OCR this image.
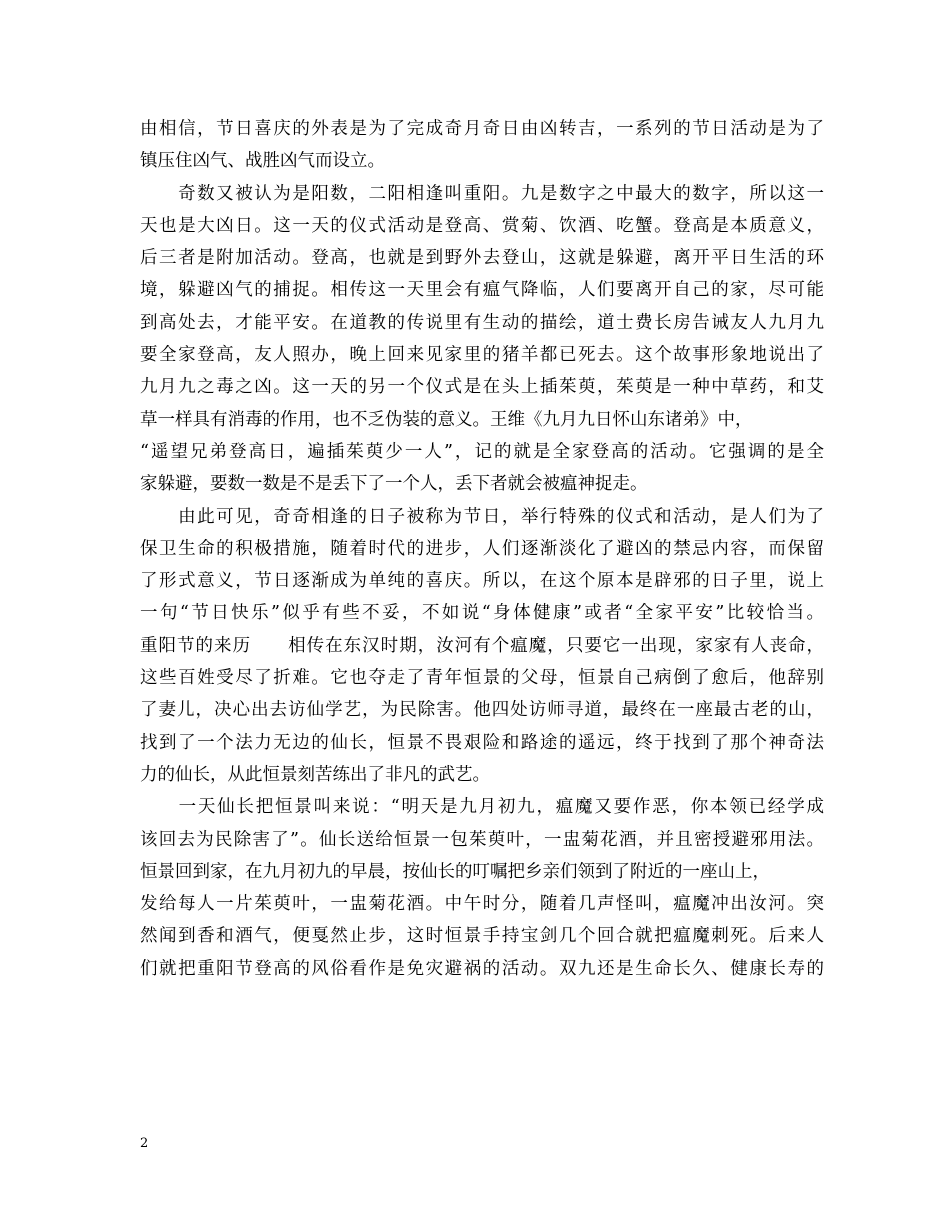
由相信，节日喜庆的外表是为了完成奇月奇日由凶转吉，一系列的节日活动是为了
镇压住凶气、战胜凶气而设立。
　　奇数又被认为是阳数，二阳相逢叫重阳。九是数字之中最大的数字，所以这一
天也是大凶日。这一天的仪式活动是登高、赏菊、饮酒、吃蟹。登高是本质意义，
后三者是附加活动。登高，也就是到野外去登山，这就是躲避，离开平日生活的环
境，躲避凶气的捕捉。相传这一天里会有瘟气降临，人们要离开自己的家，尽可能
到高处去，才能平安。在道教的传说里有生动的描绘，道士费长房告诫友人九月九
要全家登高，友人照办，晚上回来见家里的猪羊都已死去。这个故事形象地说出了
九月九之毒之凶。这一天的另一个仪式是在头上插茱萸，茱萸是一种中草药，和艾
草一样具有消毒的作用，也不乏伪装的意义。王维《九月九日怀山东诸弟》中，
“遥望兄弟登高日，遍插茱萸少一人”，记的就是全家登高的活动。它强调的是全
家躲避，要数一数是不是丢下了一个人，丢下者就会被瘟神捉走。
　　由此可见，奇奇相逢的日子被称为节日，举行特殊的仪式和活动，是人们为了
保卫生命的积极措施，随着时代的进步，人们逐渐淡化了避凶的禁忌内容，而保留
了形式意义，节日逐渐成为单纯的喜庆。所以，在这个原本是辟邪的日子里，说上
一句“节日快乐”似乎有些不妥，不如说“身体健康”或者“全家平安”比较恰当。
重阳节的来历　　相传在东汉时期，汝河有个瘟魔，只要它一出现，家家有人丧命，
这些百姓受尽了折难。它也夺走了青年恒景的父母，恒景自己病倒了愈后，他辞别
了妻儿，决心出去访仙学艺，为民除害。他四处访师寻道，最终在一座最古老的山，
找到了一个法力无边的仙长，恒景不畏艰险和路途的遥远，终于找到了那个神奇法
力的仙长，从此恒景刻苦练出了非凡的武艺。
　　一天仙长把恒景叫来说：“明天是九月初九，瘟魔又要作恶，你本领已经学成
该回去为民除害了”。仙长送给恒景一包茱萸叶，一盅菊花酒，并且密授避邪用法。
恒景回到家，在九月初九的早晨，按仙长的叮嘱把乡亲们领到了附近的一座山上，
发给每人一片茱萸叶，一盅菊花酒。中午时分，随着几声怪叫，瘟魔冲出汝河。突
然闻到香和酒气，便戛然止步，这时恒景手持宝剑几个回合就把瘟魔刺死。后来人
们就把重阳节登高的风俗看作是免灾避祸的活动。双九还是生命长久、健康长寿的
2
